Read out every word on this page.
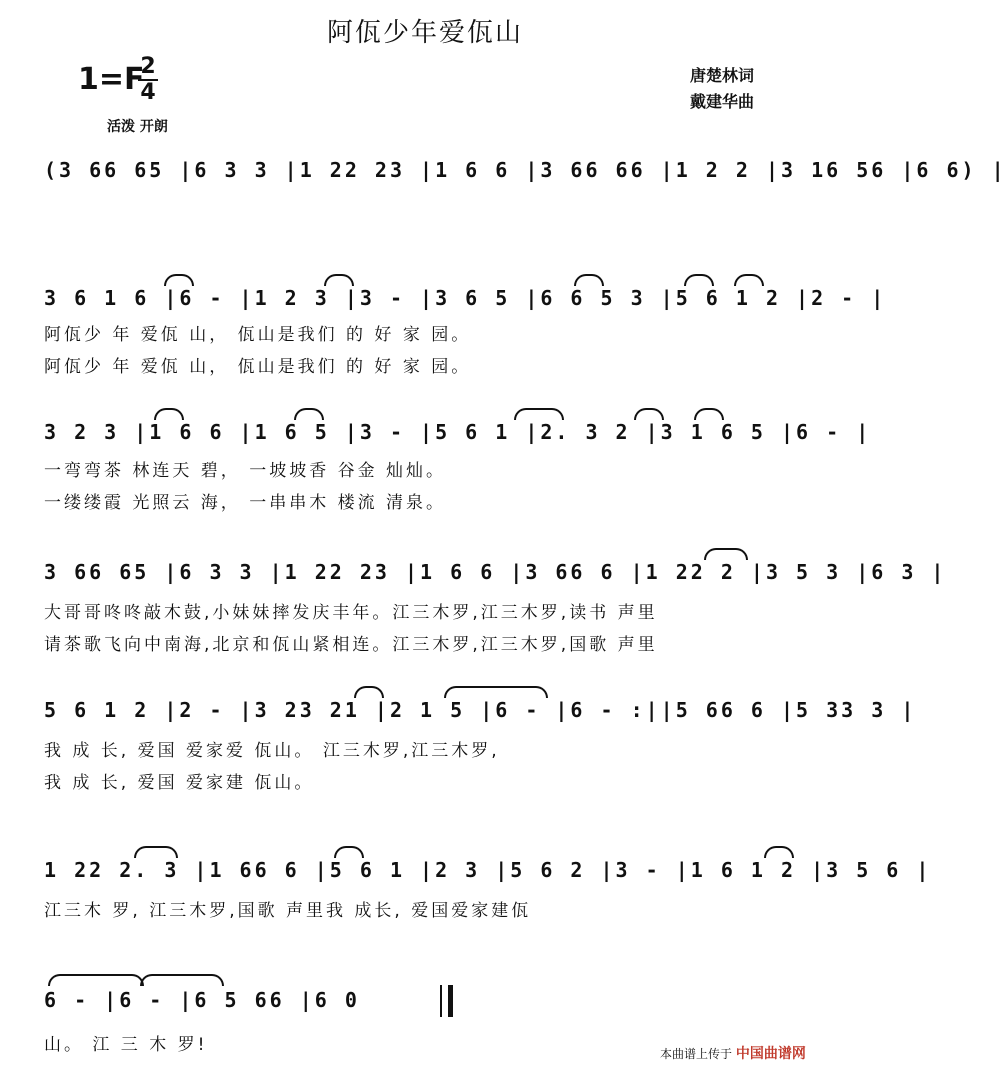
阿佤少年爱佤山
1=F
2
4
活泼 开朗
唐楚林词
戴建华曲
(3 66 65 |6 3 3 |1 22 23 |1 6 6 |3 66 66 |1 2 2 |3 16 56 |6 6) |
3 6 1 6 |6 - |1 2 3 |3 - |3 6 5 |6 6 5 3 |5 6 1 2 |2 - |
阿佤少 年 爱佤 山， 佤山是我们 的 好 家 园。
阿佤少 年 爱佤 山， 佤山是我们 的 好 家 园。
3 2 3 |1 6 6 |1 6 5 |3 - |5 6 1 |2. 3 2 |3 1 6 5 |6 - |
一弯弯茶 林连天 碧， 一坡坡香 谷金 灿灿。
一缕缕霞 光照云 海， 一串串木 楼流 清泉。
3 66 65 |6 3 3 |1 22 23 |1 6 6 |3 66 6 |1 22 2 |3 5 3 |6 3 |
大哥哥咚咚敲木鼓,小妹妹摔发庆丰年。江三木罗,江三木罗,读书 声里
请茶歌飞向中南海,北京和佤山紧相连。江三木罗,江三木罗,国歌 声里
5 6 1 2 |2 - |3 23 21 |2 1 5 |6 - |6 - :||5 66 6 |5 33 3 |
我 成 长, 爱国 爱家爱 佤山。 江三木罗,江三木罗,
我 成 长, 爱国 爱家建 佤山。
1 22 2. 3 |1 66 6 |5 6 1 |2 3 |5 6 2 |3 - |1 6 1 2 |3 5 6 |
江三木 罗, 江三木罗,国歌 声里我 成长, 爱国爱家建佤
6 - |6 - |6 5 66 |6 0
山。 江 三 木 罗!	本曲谱上传于 中国曲谱网
